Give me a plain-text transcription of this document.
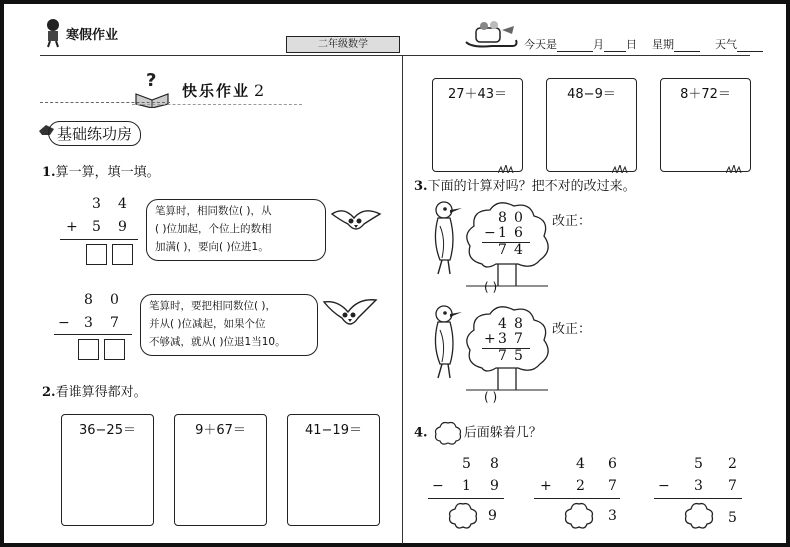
寒假作业
二年级数学	今天是	月 日 星期	天气
? 快乐作业 2
基础练功房
1.算一算，填一填。
3 4
+ 5 9
笔算时，相同数位( )，从
( )位加起，个位上的数相
加满( )，要向( )位进1。
8 0
− 3 7
笔算时，要把相同数位( )，
并从( )位减起，如果个位
不够减，就从( )位退1当10。
2.看谁算得都对。
36−25＝	9＋67＝	41−19＝
27＋43＝	48−9＝	8＋72＝
3.下面的计算对吗？把不对的改过来。
8 0
− 1 6
7 4
( )
改正：
4 8
+ 3 7
7 5
( )
改正：
4.	后面躲着几？
5 8
− 1 9
9
4 6
+ 2 7
3
5 2
− 3 7
5
